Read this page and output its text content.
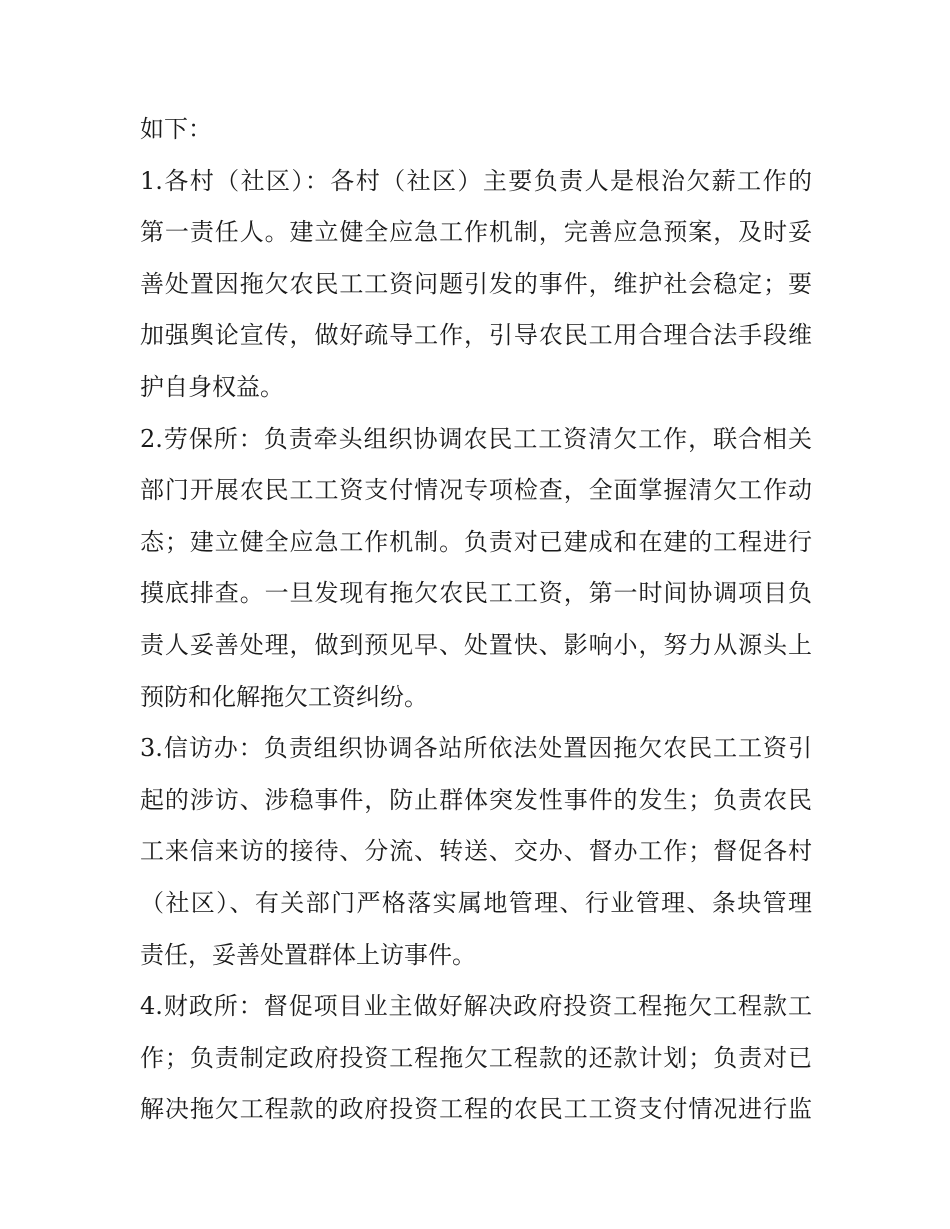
如下：
1.各村（社区）：各村（社区）主要负责人是根治欠薪工作的
第一责任人。建立健全应急工作机制，完善应急预案，及时妥
善处置因拖欠农民工工资问题引发的事件，维护社会稳定；要
加强舆论宣传，做好疏导工作，引导农民工用合理合法手段维
护自身权益。
2.劳保所：负责牵头组织协调农民工工资清欠工作，联合相关
部门开展农民工工资支付情况专项检查，全面掌握清欠工作动
态；建立健全应急工作机制。负责对已建成和在建的工程进行
摸底排查。一旦发现有拖欠农民工工资，第一时间协调项目负
责人妥善处理，做到预见早、处置快、影响小，努力从源头上
预防和化解拖欠工资纠纷。
3.信访办：负责组织协调各站所依法处置因拖欠农民工工资引
起的涉访、涉稳事件，防止群体突发性事件的发生；负责农民
工来信来访的接待、分流、转送、交办、督办工作；督促各村
（社区）、有关部门严格落实属地管理、行业管理、条块管理
责任，妥善处置群体上访事件。
4.财政所：督促项目业主做好解决政府投资工程拖欠工程款工
作；负责制定政府投资工程拖欠工程款的还款计划；负责对已
解决拖欠工程款的政府投资工程的农民工工资支付情况进行监
